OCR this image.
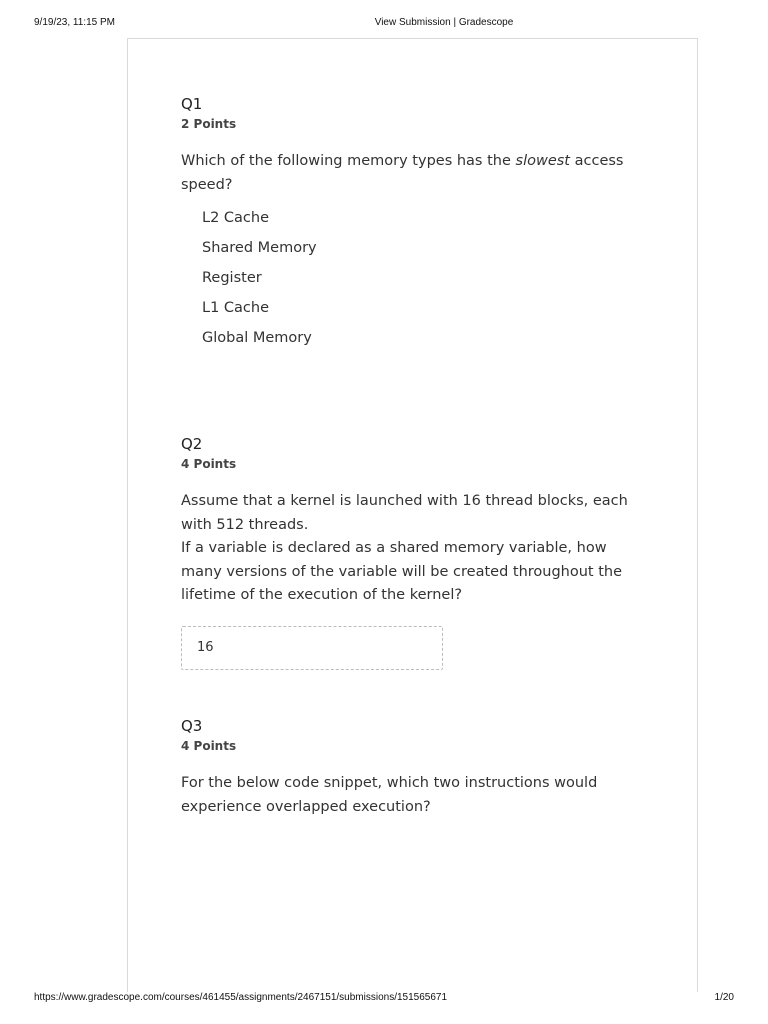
9/19/23, 11:15 PM	View Submission | Gradescope
Q1
2 Points
Which of the following memory types has the slowest access speed?
L2 Cache
Shared Memory
Register
L1 Cache
Global Memory
Q2
4 Points
Assume that a kernel is launched with 16 thread blocks, each with 512 threads.
If a variable is declared as a shared memory variable, how many versions of the variable will be created throughout the lifetime of the execution of the kernel?
16
Q3
4 Points
For the below code snippet, which two instructions would experience overlapped execution?
https://www.gradescope.com/courses/461455/assignments/2467151/submissions/151565671	1/20
